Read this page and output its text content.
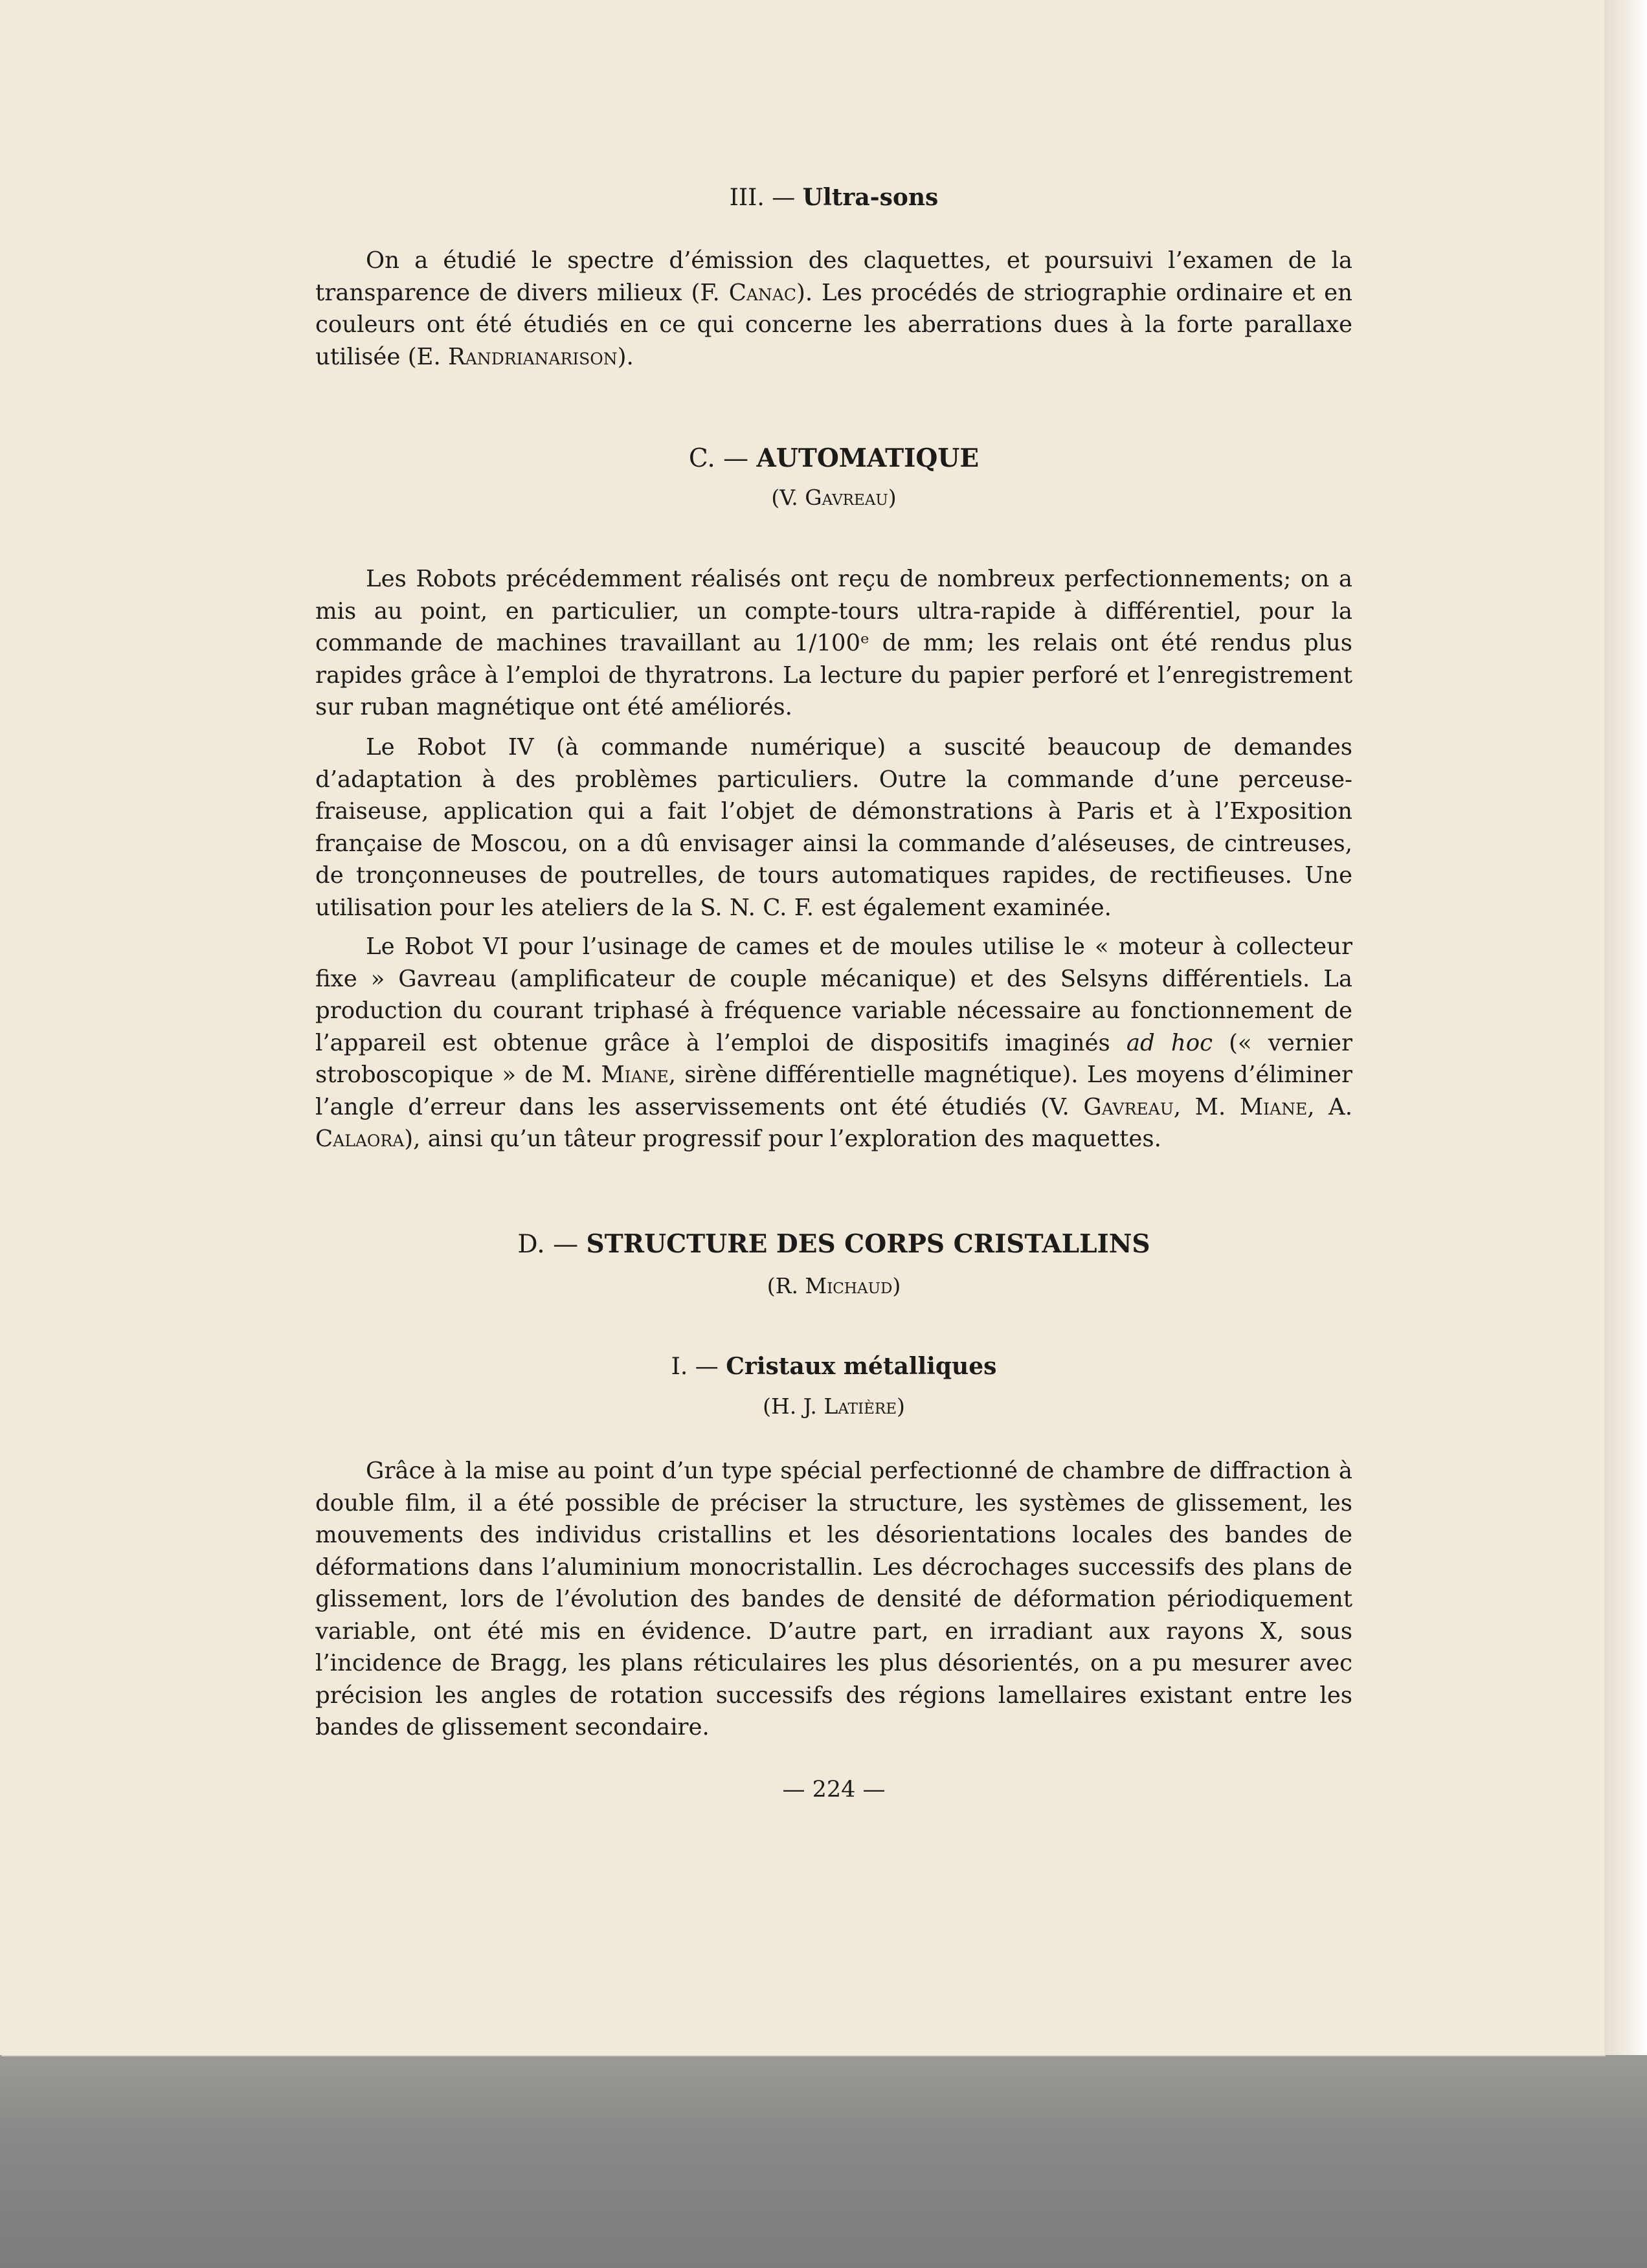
III. — Ultra-sons

On a étudié le spectre d’émission des claquettes, et poursuivi l’examen de la transparence de divers milieux (F. Canac). Les procédés de striographie ordinaire et en couleurs ont été étudiés en ce qui concerne les aberrations dues à la forte parallaxe utilisée (E. Randrianarison).

C. — AUTOMATIQUE
(V. Gavreau)

Les Robots précédemment réalisés ont reçu de nombreux perfectionnements; on a mis au point, en particulier, un compte-tours ultra-rapide à différentiel, pour la commande de machines travaillant au 1/100ᵉ de mm; les relais ont été rendus plus rapides grâce à l’emploi de thyratrons. La lecture du papier perforé et l’enregistrement sur ruban magnétique ont été améliorés.

Le Robot IV (à commande numérique) a suscité beaucoup de demandes d’adaptation à des problèmes particuliers. Outre la commande d’une perceuse-fraiseuse, application qui a fait l’objet de démonstrations à Paris et à l’Exposition française de Moscou, on a dû envisager ainsi la commande d’aléseuses, de cintreuses, de tronçonneuses de poutrelles, de tours automatiques rapides, de rectifieuses. Une utilisation pour les ateliers de la S. N. C. F. est également examinée.

Le Robot VI pour l’usinage de cames et de moules utilise le « moteur à collecteur fixe » Gavreau (amplificateur de couple mécanique) et des Selsyns différentiels. La production du courant triphasé à fréquence variable nécessaire au fonctionnement de l’appareil est obtenue grâce à l’emploi de dispositifs imaginés ad hoc (« vernier stroboscopique » de M. Miane, sirène différentielle magnétique). Les moyens d’éliminer l’angle d’erreur dans les asservissements ont été étudiés (V. Gavreau, M. Miane, A. Calaora), ainsi qu’un tâteur progressif pour l’exploration des maquettes.

D. — STRUCTURE DES CORPS CRISTALLINS
(R. Michaud)
I. — Cristaux métalliques
(H. J. Latière)

Grâce à la mise au point d’un type spécial perfectionné de chambre de diffraction à double film, il a été possible de préciser la structure, les systèmes de glissement, les mouvements des individus cristallins et les désorientations locales des bandes de déformations dans l’aluminium monocristallin. Les décrochages successifs des plans de glissement, lors de l’évolution des bandes de densité de déformation périodiquement variable, ont été mis en évidence. D’autre part, en irradiant aux rayons X, sous l’incidence de Bragg, les plans réticulaires les plus désorientés, on a pu mesurer avec précision les angles de rotation successifs des régions lamellaires existant entre les bandes de glissement secondaire.

— 224 —
